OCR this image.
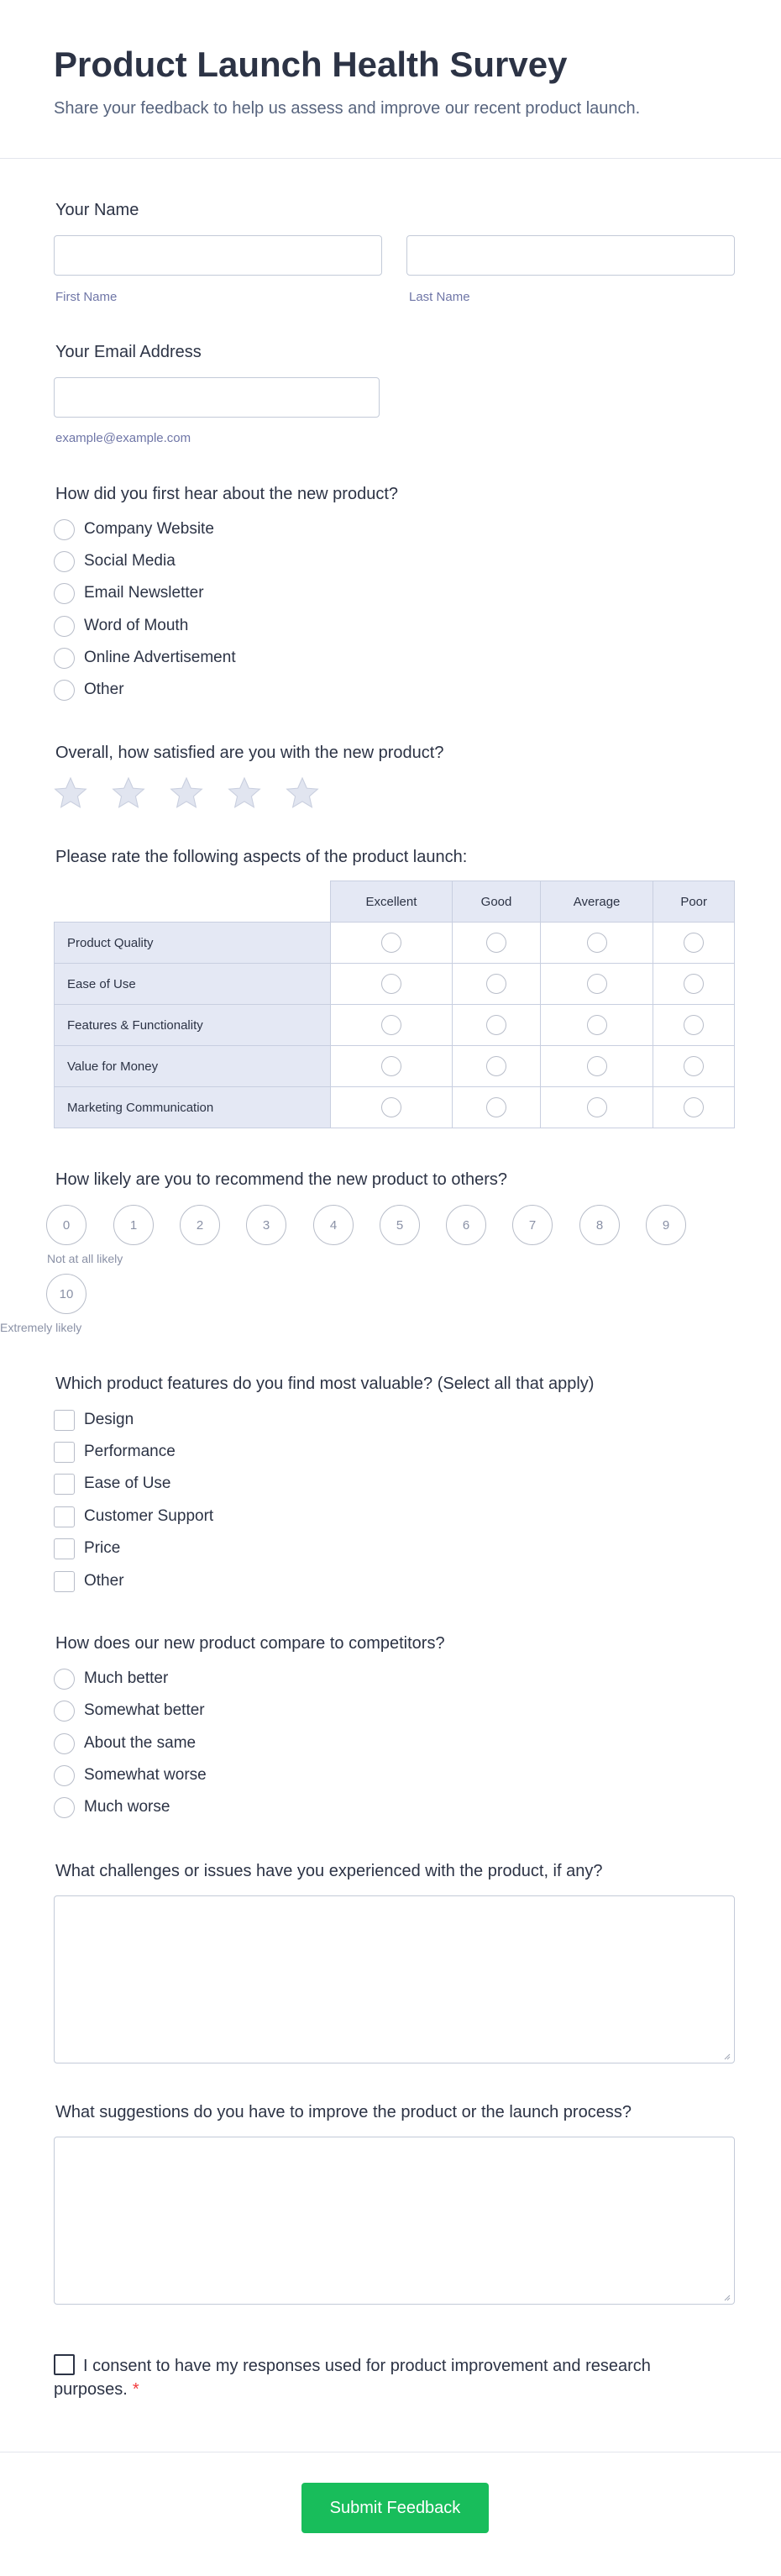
Product Launch Health Survey

Share your feedback to help us assess and improve our recent product launch.

Your Name
First Name	Last Name
Your Email Address
example@example.com
How did you first hear about the new product?
Company Website
Social Media
Email Newsletter
Word of Mouth
Online Advertisement
Other
Overall, how satisfied are you with the new product?
Please rate the following aspects of the product launch:
	Excellent	Good	Average	Poor
Product Quality				
Ease of Use				
Features & Functionality				
Value for Money				
Marketing Communication				
How likely are you to recommend the new product to others?
0	1	2	3	4	5	6	7	8	9
Not at all likely
10
Extremely likely
Which product features do you find most valuable? (Select all that apply)
Design
Performance
Ease of Use
Customer Support
Price
Other
How does our new product compare to competitors?
Much better
Somewhat better
About the same
Somewhat worse
Much worse
What challenges or issues have you experienced with the product, if any?
What suggestions do you have to improve the product or the launch process?
I consent to have my responses used for product improvement and research purposes. *
Submit Feedback
